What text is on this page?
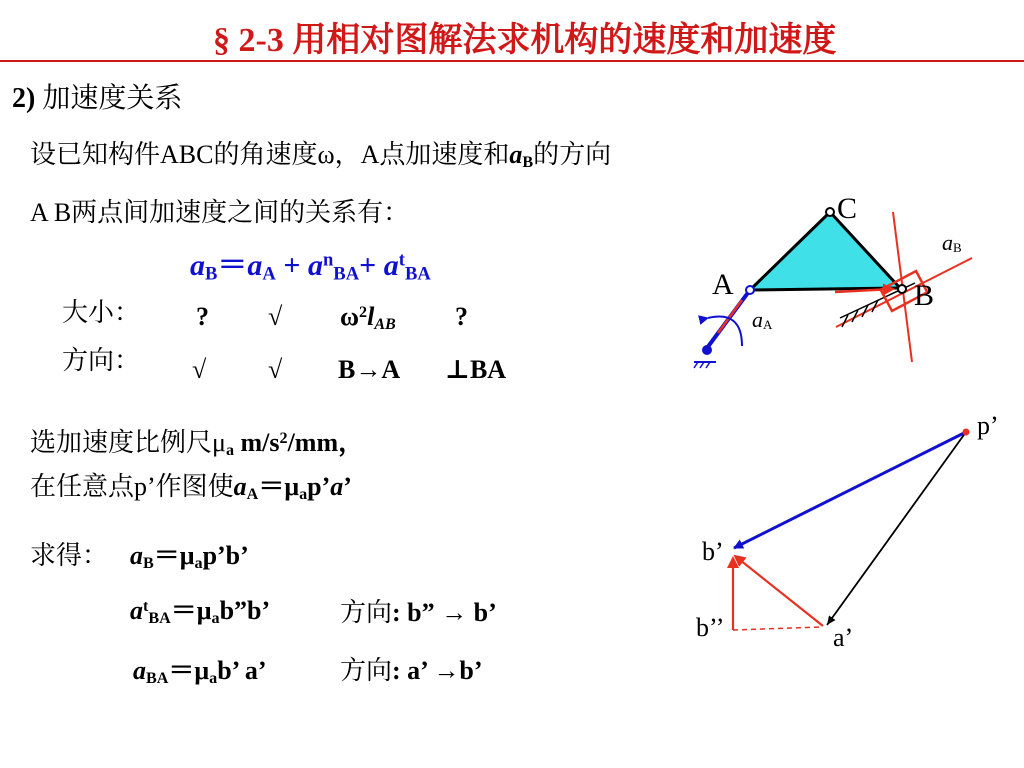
§ 2-3 用相对图解法求机构的速度和加速度
2) 加速度关系
设已知构件ABC的角速度ω，A点加速度和$a_B$的方向
A B两点间加速度之间的关系有：
$a_B=a_A + a^n_{BA}+ a^t_{BA}$
大小： ? √ $\omega^2l_{AB}$ ?
方向： √ √ B→A ⊥BA
选加速度比例尺$\mu_a$ $m/s^2/mm$，
在任意点p’作图使$a_A=\mu_ap’a$’
求得： $a_B=\mu_ap’b$’
$a^t_{BA}=\mu_ab”b$’	方向: b” → b’
$a_{BA}=\mu_ab$’ a’	方向: a’ →b’
C
A	B
aB
aA
p’
b’
b’’	a’
